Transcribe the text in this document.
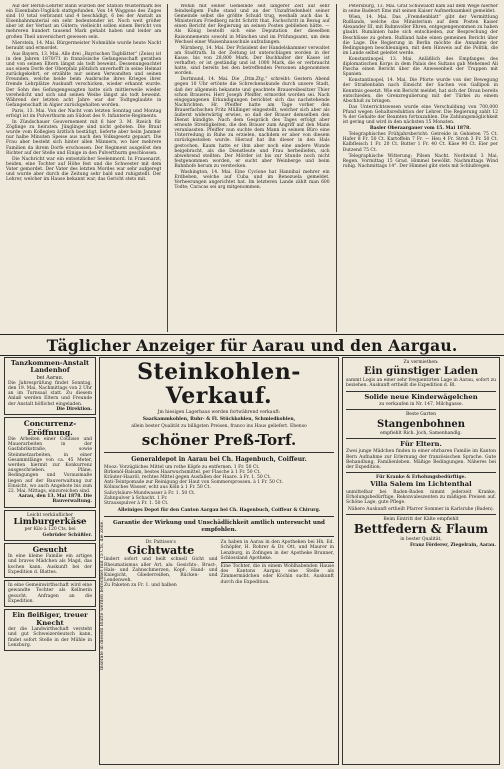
Auf der Berlin-Lehrter Bahn wurden der Station Wustermark bei ein Eisenbahn-Unglück stattgefunden. Von 14 Waggons des Zuges sind 10 total verbrannt und 4 beschädigt, 6 bei der Anstalt an Eisenbahnmaterial ein sehr bedeutender ist. Noch weit größer aber ist der Verlust an Gütern; vielleicht sollen einem Bericht von mehreren hundert tausend Mark gehabt haben und leider am großen Theil unversichert gewesen sein.

Nierstein, 14. Mai. Bürgermeister Nohmühle wurde heute Nacht beraubt und ermordet.

Aus Bayern, 13. Mai. Alle drei „Bayrischen Tagblätter“ (Zeiss) ist in den Jahren 1870/71 in französische Gefangenschaft gerathen und von seinen Eltern längst als todt beweint. Dessenungeachtet aus einem Dorfe der Oberpfalz plötzlich unverhofft in seine Heimat zurückgekehrt, er erzählte nur seinen Verwandten und seinen Freunden, welche beide beim Ausbruche ihres Krieges ihrer fremde Lehrplätze Auskunft verschicken, wieder erkannt wurde. Der Sohn des Gefangengesagten hatte sich mittlerweile wieder verehelicht und sich und seinen Weibe längst als todt beweint. Während der letzten acht Jahre war der Todtgeglaubte in Gefangenschaft in Algier zurückgehalten worden.

Paris, 13. Mai. Von der Nacht vom letzten Sonntag und Montag erfolgt ist im Pulverthurm am Südost des 9. Infanterie-Regiments.

In Zündschauer Gouvernement mit 6 hier 3. M. Rzeich für Zöglinge zu heiraten. Jünglinge sind nicht geboten. Die Braut wurde vom Kollegien ärztlich bestätigt, lieferte aber beim Jammer nur halbe Minuten Speise aus nach den Volksgesetz gepaart. Die Frau aber besteht sich hinter allen Männern, wo hier mehrere Familien da ihrem Dorfe erschossen. Der Regiment ausgelöst den Richter auf der Stelle und Einige in den Pulverthurm geschlossen.

Die Nachricht war ein entsetzlicher Seelenmord. In Frauenarzt, beiden, eine Tochter auf Höhe fest und die Schwester mit dem Vater gemordet. Der Vater des letzten Mordes war sehr aufgeregt und wurde aber durch die Zeitung sehr bald und ruhigstellt. Der Lehrer, welcher im Hause bekannt war, das Gericht stets mit.

Wohin mit seiner Gemeinde seit längerer Zeit auf sehr feindseligem Fuße stand und an der Unzufriedenheit seiner Gemeinde selbst die größte Schuld trug, weshalb auch das k. Ministerium Friedberg nicht Schritt that. Fachschritt in Bezug auf einen Bericht der Regierung an seinen Posten geblieben hätte. — Als König bestellt sich eine Deputation der dieselben Raisonnements sowohl in München und im Prüfungsamt, um dem Wechsel einer Waisenhausschule aufzufangen.

Nürnberg, 14. Mai. Der Präsident der Handelskammer verwaltet am Stadtrath. In der Zeitung ist unterschlagen worden in der Kasse, bis von 28,800 Mark. Der Buchhalter der Kasse ist verhaftet; er ist geständig und ist 1000 Mark, die er verbraucht hatte, sind bereits bei den betreffenden Personen abgenommen worden.

Dortmund, 14. Mai. Die „Dtm.Ztg.“ schreibt: Gestern Abend gegen 10 Uhr ertönte die Schreckenskunde durch unsere Stadt, daß der allgemein bekannte und geachtete Brauereibesitzer Thier schon Brauerei. Herr Joseph Pfeiffer, ermordet worden sei. Nach eingegangenen Erkundigungen berichtet sich das nachstehende Nachrichten. Hr. Pfeiffer hatte am Tage vorher den Brauerfachschen Fritz Müllinger eingestellt, welcher sich aber als äußerst widerwärtig erwies, so daß der Brauer demselben den Dienst kündigte. Nach dem Gespräch des Tages erfolgt aber erneute Streitigkeiten, die den Brauer zum Angriff auf den Mann veranlassten. Pfeiffer nun suchte dem Mann in seinem Büro eine Unterredung in Ruhe zu erzielen, nachdem er aber von diesem zurückgestoßen wurde. Hierauf hat ihn dieser in den Hals gestochen. Kaum hatte er ihm aber noch eine andere Wunde beigebracht, als die Dienstleute und Frau herbeiliefen, sich abwehrend stellten. Der Mörder ist bis zur Stunde noch nicht festgenommen worden, er sucht aber Weinberge und beim Bahnhofe herum zu verstecken.

Washington, 14. Mai. Eine Cyclone hat Hannibal mehrer ein Erdbeben, welche auf Cuba und im Benezuela gemeldet. Verheerungen angerichtet hat. Im letzteren Lande zählt man 600 Todte; Caracas sei arg mitgenommen.

Petersburg, 13. Mai. Graf Schuwaloff kam auf dem Wege hierher in seine Badeort Ems mit seinen Kaiser Aufmerksamkeit gemeldet.

Wien, 14. Mai. Das „Fremdenblatt“ gibt der Vermittlung Rußlands, welche das Ministerium auf dem Posten Kaiser Alexander III. mit Ruhmvoller Ehren, entgegengenommen zu haben glaubt. Rumänien habe sich entschieden, zur Besprechung der Beschlüsse zu gehen. Rußland habe einen gemeinen Bericht über die Lage. Die Regierung in Berlin möchte die Annahme der Bedingungen beschleunigen, mit dem Hinweis auf die Politik, die im Lande selbst geleitet werde.

Konstantinopel, 13. Mai. Anläßlich des Empfanges des diplomatischen Korps in dem Palais des Sultans gab Mehemed Ali Pascha einen Bericht über die Anwesenheit der Truppen mit Spanien.

Konstantinopel, 14. Mai. Die Pforte wurde von der Bewegung der Straßenbahn nach Einsicht der Sachen von Gallipoli in Kenntnis gesetzt. Wie ein Bericht meldet, hat sich der Divan bereits entschieden, die Grenzregulierung mit der Türkei zu einem Abschluß zu bringen.

Das Unterrichtswesen wurde eine Verschuldung von 700,000 Pfund wegen Gehaltsreduktion der Lehrer. Die Regierung zahlt 12 % der Gehalte der Beamten fortzuzahlen. Die Zahlungsmöglichkeit ist gering und wird in den nächsten 15 Monaten.

Basler Oberaargauer vom 15. Mai 1878.

Telegraphisches Frühjahrsbericht: Getreide in Gebieten 75 Ct. Hafer 8 Fr. 50 Ct. Kartoffeln 7 Fr. — Heu 4 Fr. Stroh 3 Fr. 50 Ct. Kalbfleisch 1 Fr. 20 Ct. Butter 1 Fr. 40 Ct. Käse 90 Ct. Eier per Dutzend 75 Ct.

Telegraphische Witterung: Pilsen Nacht. Nordwind 3 Mai. Regen. Vormittag 15 Grad. Himmel bewölkt. Nachmittags Wind ruhig. Nachmittags 14°. Der Himmel gibt stets mit Schlußregen.

Täglicher Anzeiger für Aarau und den Aargau.
Tanzkommen-Anstalt Landenhof
bei Aarau.
Die Jahresprüfung findet Sonntag, den 19. Mai, Nachmittags von 2 Uhr an im Turnsaal statt. Zu diesem Anlaß werden Eltern und Freunde der Anstalt höflichst eingeladen.
Die Direktion.
Concurrenz-Eröffnung.
Die Arbeiten einer Coulisse und Mauerarbeiten in der Gasfabrikstraße, sowie Steinmetzarbeiten, in einer Gesammtlänge von ca. 45 Meter, werden hiermit zur Konkurrenz ausgeschrieben. Pläne, Bedingungen und Vorausmaße liegen auf der Bauverwaltung zur Einsicht, wo auch Angebote bis zum 22. Mai, Mittags, einzureichen sind.
Aarau, den 13. Mai 1878. Die Bauverwaltung.
Leicht verkäuflicher
Limburgerkäse
per Kilo à 120 Cts. bei
Gebrüder Schüßler.
Gesucht
In eine kleine Familie ein artiges und braves Mädchen als Magd, das kochen kann. Auskunft bei der Expedition d. Blattes.
In eine Gemeinwirthschaft wird eine gewandte Tochter als Kellnerin gesucht. Anfragen an die Expedition.
Ein fleißiger, treuer Knecht
der die Landwirthschaft versteht und gut Schweizerdeutsch kann, findet sofort Stelle in der Mühle in Lenzburg.
Steinkohlen-Verkauf.
Jm hiesigen Lagerhaus werden fortwährend verkauft:
Saarkammkohlen, Ruhr- & Fl. Stückkohlen, Schmiedkohlen,
allein bester Qualität zu billigsten Preisen, franco ins Haus geliefert. Ebenso
schöner Preß-Torf.
Generaldepot in Aarau bei Ch. Hagenbuch, Coiffeur.
Mooz: Vorzügliches Mittel um rothe Köpfe zu entfernen. 1 Fr. 50 Ct.
Birkenöl-Balsam, bestes Haarwuchsmittel. per Flasche à 1 Fr. 50 Ct.
Kräuter-Haaröl, rechtes Mittel gegen Ausfallen der Haare. à Fr. 1. 50 Ct.
Anti-Teintpomade zur Reinigung der Haut von Sommersprossen. à 1 Fr. 50 Ct.
Kölnisches Wasser, echt aus Köln à 1 Fr. 50 Ct.
Salicylsäure-Mundwasser à Fr. 1. 50 Ct.
Zahnpulver à Schacht. 1 Fr.
Strausspulver à Fr. 1. 50 Ct.
Alleiniges Depot für den Canton Aargau bei Ch. Hagenbuch, Coiffeur & Chirurg.
Garantie der Wirkung und Unschädlichkeit amtlich untersucht und empfohlen.
Dr. Pattison's
Gichtwatte
lindert sofort und heilt schnell Gicht und Rheumatismus aller Art, als: Gesichts-, Brust-, Hals- und Zahnschmerzen, Kopf-, Hand- und Kniegicht, Gliederreißen, Rücken- und Lendenweh.
Zu Paketen zu Fr. 1. und halben
Zu haben in Aarau in den Apotheken bei Hh. Ed. Schöpfer, H. Rohrer & Dr. Ott, und Maurer in Lenzburg, in Zofingen in der Apotheke Brunner, Schlossland Apotheke.
Eine Tochter, die in einem Wohlhabenden Hause des Kantons Aargau eine Stelle als Zimmermädchen oder Köchin sucht. Auskunft durch die Expedition.
Zu vermiethen:
Ein günstiger Laden
sammt Logis an einer sehr frequentirten Lage in Aarau, sofort zu beziehen. Auskunft ertheilt die Expedition d. Bl.
Solide neue Kinderwägelchen
zu verkaufen in Nr. 147, Milchgasse.
Beste Garten
Stangenbohnen
empfiehlt Rich. Joch, Samenhandlg.
Für Eltern.
Zwei junge Mädchen finden in einer ehrbaren Familie im Kanton Bern Aufnahme zur Erlernung der französischen Sprache. Gute Behandlung, Familienleben. Mäßige Bedingungen. Näheres bei der Expedition.
Für Kranke & Erholungsbedürftige.
Villa Salem im Lichtenthal
unmittelbar bei Baden-Baden nimmt jederzeit Kranke, Erholungsbedürftige, Rekonvaleszenten zu mäßigen Preisen auf. Schöne Lage, gute Pflege.
Nähere Auskunft ertheilt Pfarrer Sommer in Karlsruhe (Baden).
Beim Eintritt der Kälte empfiehlt
Bettfedern & Flaum
in bester Qualität,
Franz Förderer, Ziegelrain, Aarau.
Inserate in diesem Blatte werden berechnet mit 15 Cts. die Zeile.
